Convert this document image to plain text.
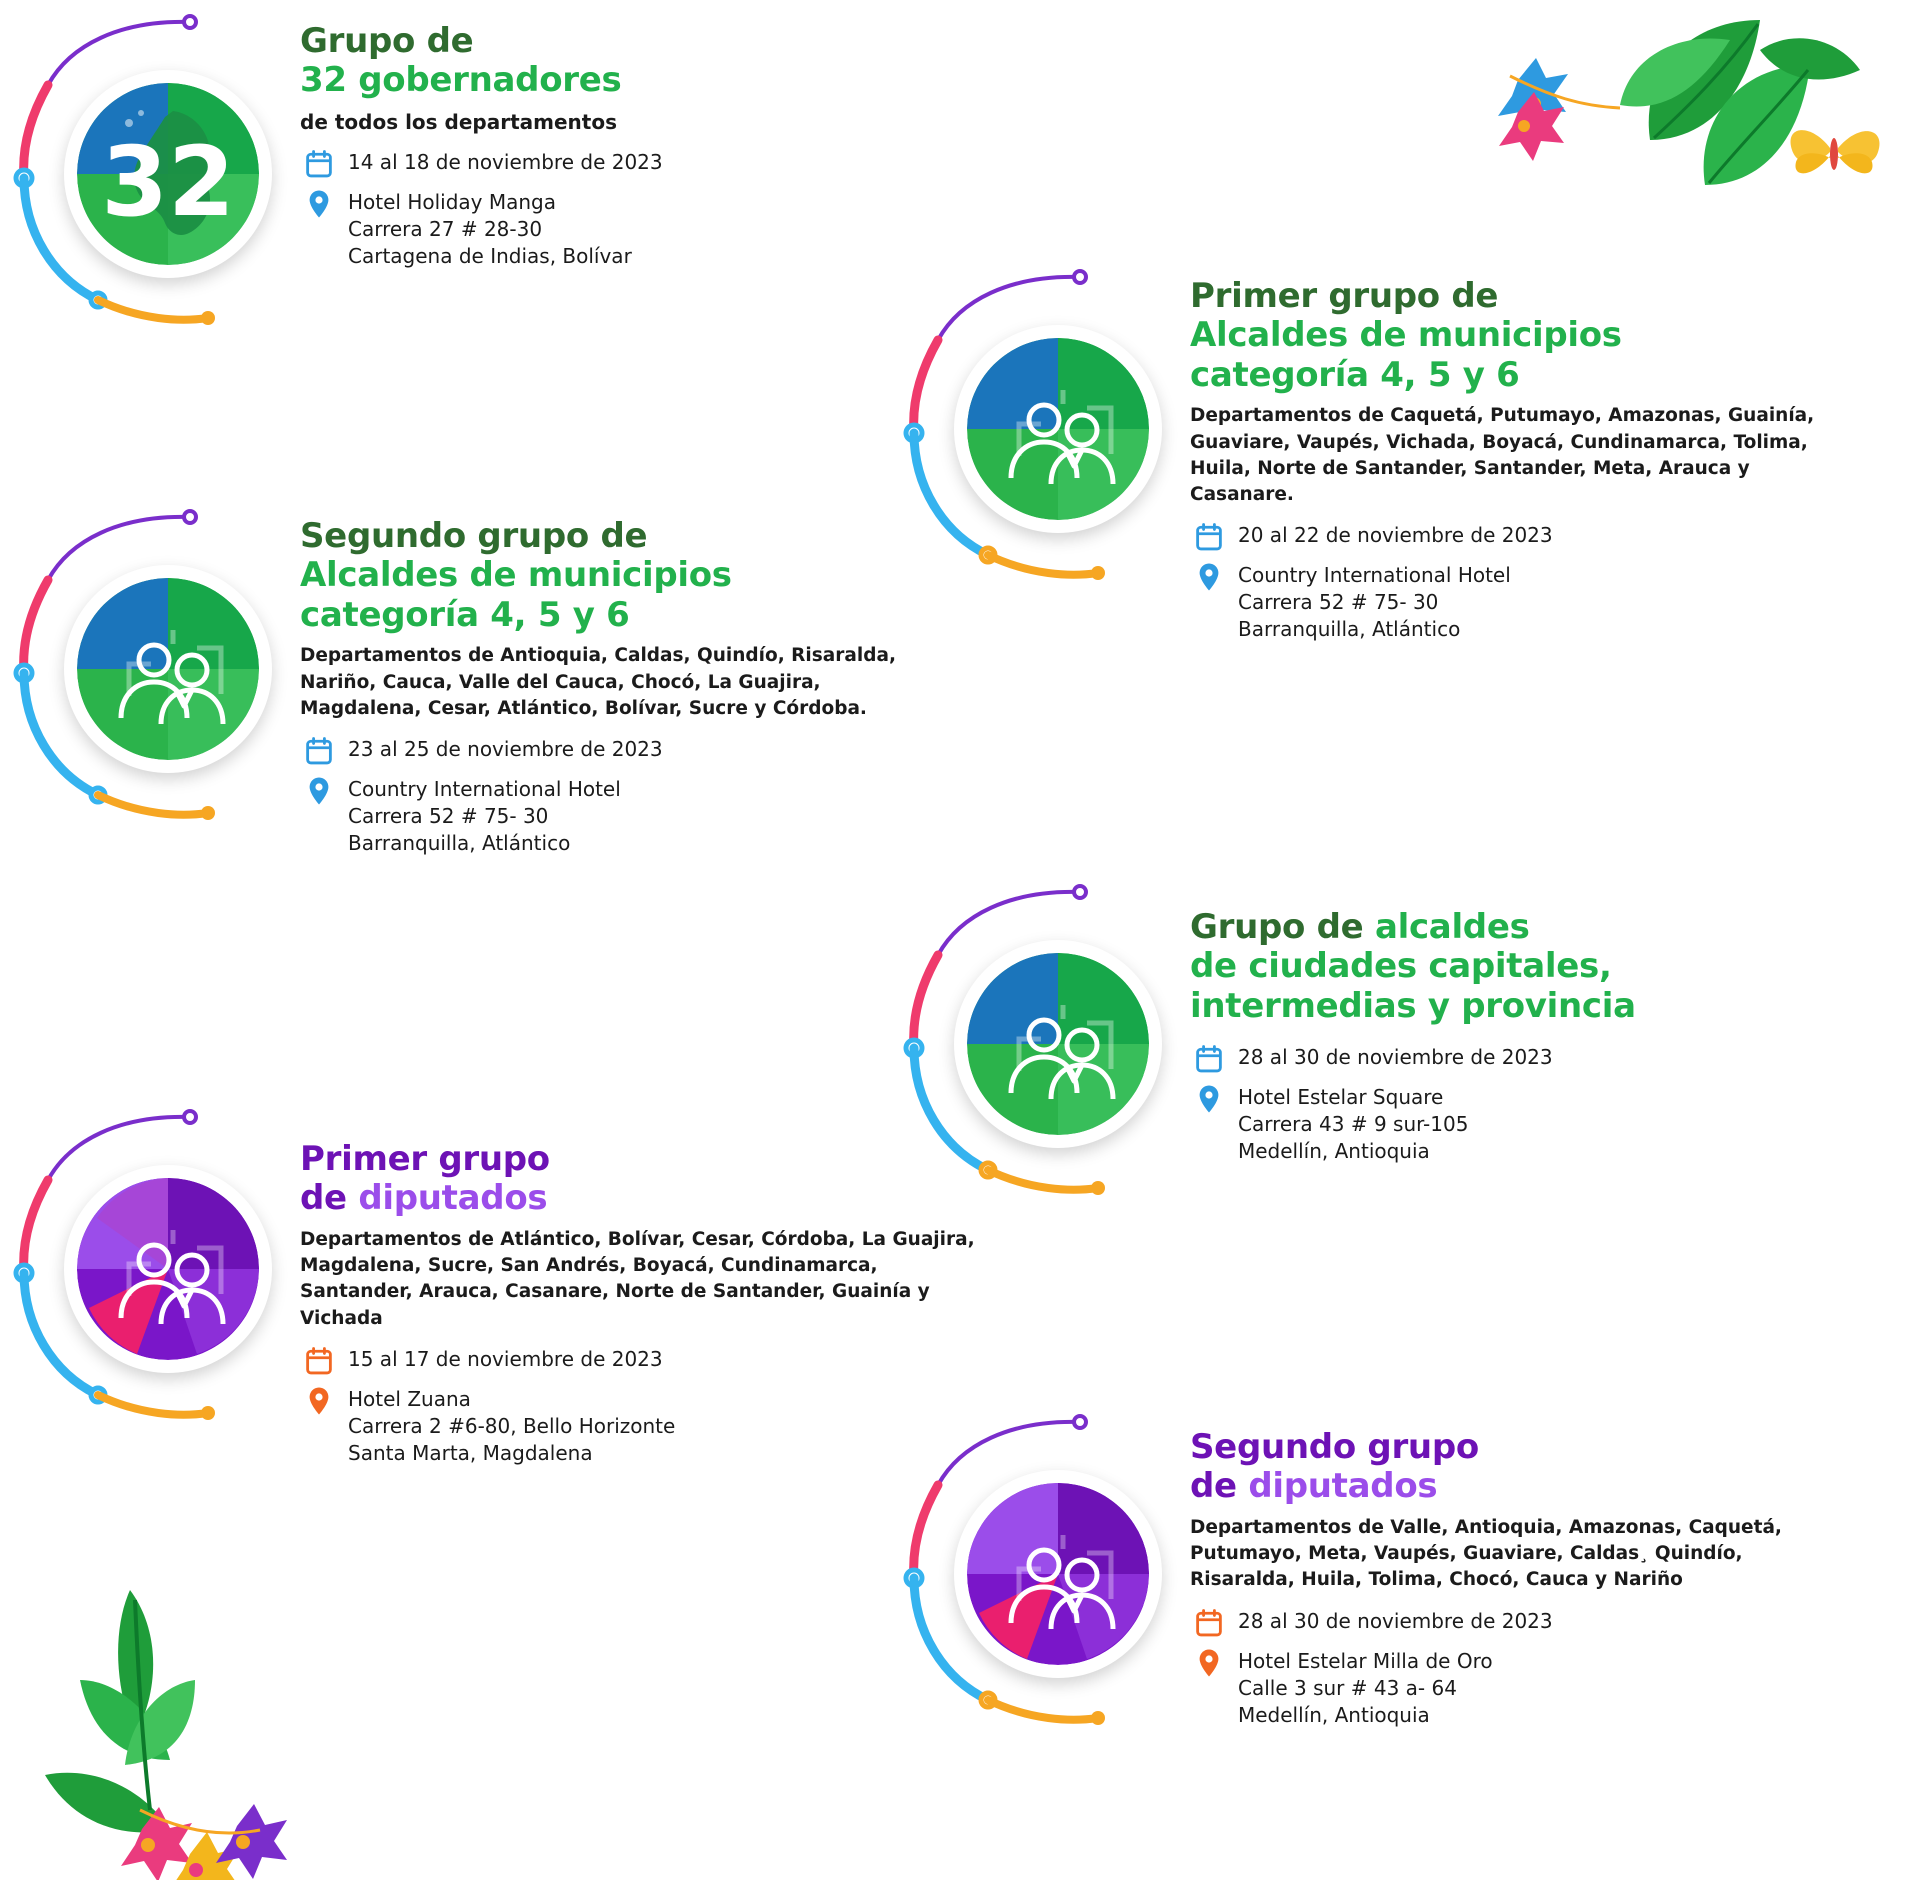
32
Grupo de
32 gobernadores

de todos los departamentos

14 al 18 de noviembre de 2023
Hotel Holiday Manga
Carrera 27 # 28-30
Cartagena de Indias, Bolívar
Primer grupo de
Alcaldes de municipios
categoría 4, 5 y 6

Departamentos de Caquetá, Putumayo, Amazonas, Guainía, Guaviare, Vaupés, Vichada, Boyacá, Cundinamarca, Tolima, Huila, Norte de Santander, Santander, Meta, Arauca y Casanare.

20 al 22 de noviembre de 2023
Country International Hotel
Carrera 52 # 75- 30
Barranquilla, Atlántico
Segundo grupo de
Alcaldes de municipios
categoría 4, 5 y 6

Departamentos de Antioquia, Caldas, Quindío, Risaralda, Nariño, Cauca, Valle del Cauca, Chocó, La Guajira, Magdalena, Cesar, Atlántico, Bolívar, Sucre y Córdoba.

23 al 25 de noviembre de 2023
Country International Hotel
Carrera 52 # 75- 30
Barranquilla, Atlántico
Grupo de alcaldes
de ciudades capitales,
intermedias y provincia
28 al 30 de noviembre de 2023
Hotel Estelar Square
Carrera 43 # 9 sur-105
Medellín, Antioquia
Primer grupo
de diputados

Departamentos de Atlántico, Bolívar, Cesar, Córdoba, La Guajira, Magdalena, Sucre, San Andrés, Boyacá, Cundinamarca, Santander, Arauca, Casanare, Norte de Santander, Guainía y Vichada

15 al 17 de noviembre de 2023
Hotel Zuana
Carrera 2 #6-80, Bello Horizonte
Santa Marta, Magdalena	Segundo grupo
de diputados

Departamentos de Valle, Antioquia, Amazonas, Caquetá, Putumayo, Meta, Vaupés, Guaviare, Caldas¸ Quindío, Risaralda, Huila, Tolima, Chocó, Cauca y Nariño

28 al 30 de noviembre de 2023
Hotel Estelar Milla de Oro
Calle 3 sur # 43 a- 64
Medellín, Antioquia
